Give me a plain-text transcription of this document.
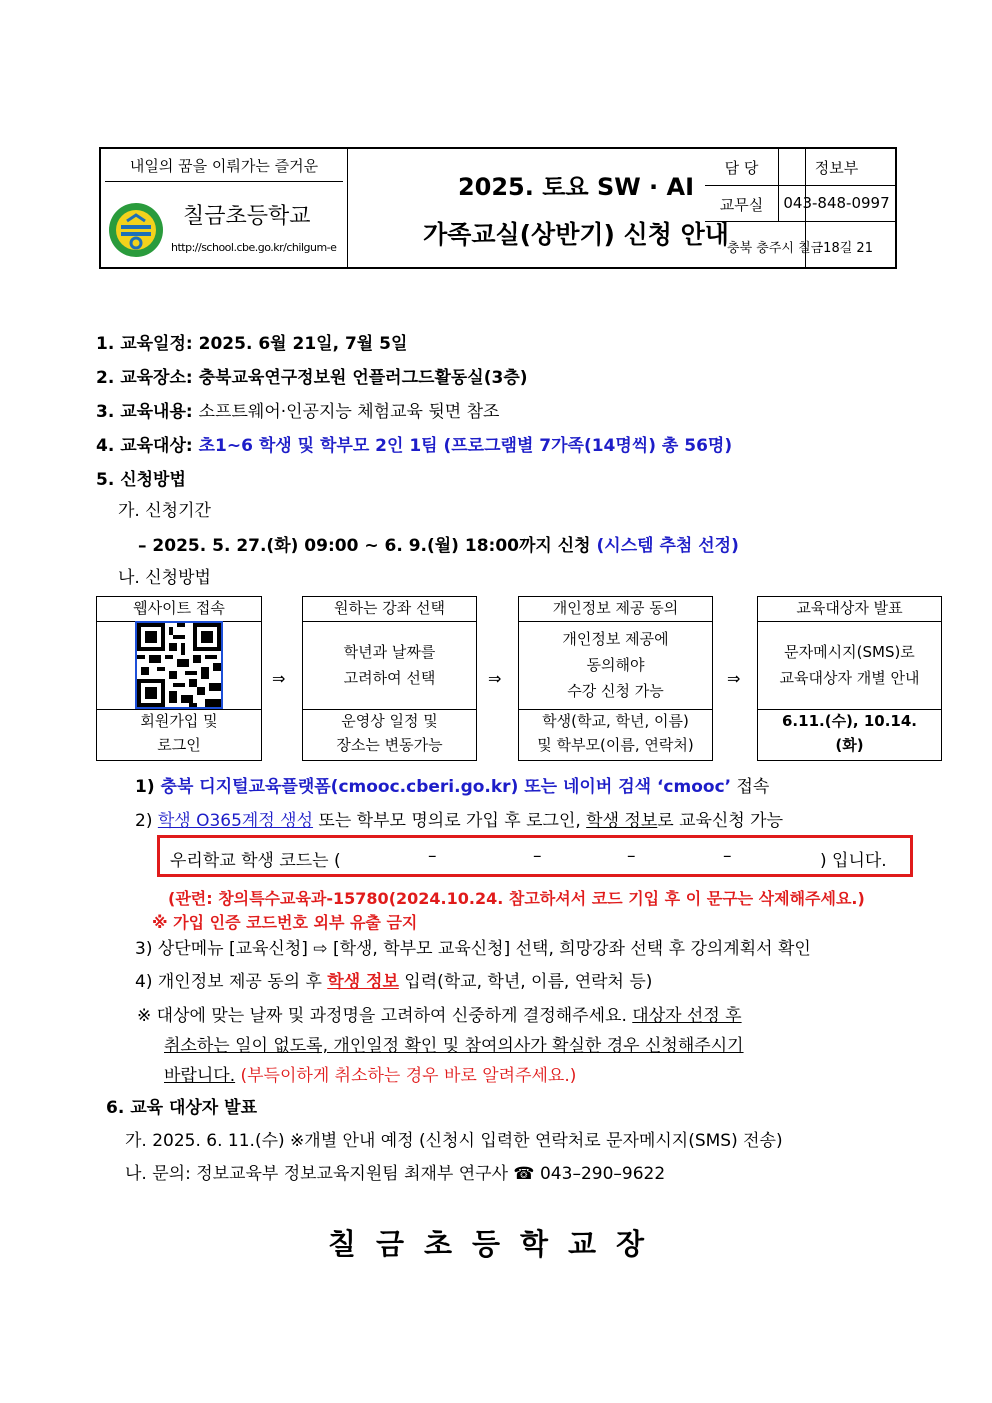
내일의 꿈을 이뤄가는 즐거운
칠금초등학교
http://school.cbe.go.kr/chilgum-e
2025. 토요 SW · AI
가족교실(상반기) 신청 안내
담 당	정보부
교무실	043-848-0997
충북 충주시 칠금18길 21
1. 교육일정: 2025. 6월 21일, 7월 5일
2. 교육장소: 충북교육연구정보원 언플러그드활동실(3층)
3. 교육내용: 소프트웨어·인공지능 체험교육 뒷면 참조
4. 교육대상: 초1~6 학생 및 학부모 2인 1팀 (프로그램별 7가족(14명씩) 총 56명)
5. 신청방법
가. 신청기간
– 2025. 5. 27.(화) 09:00 ~ 6. 9.(월) 18:00까지 신청 (시스템 추첨 선정)
나. 신청방법
웹사이트 접속
회원가입 및
로그인
⇒
원하는 강좌 선택
학년과 날짜를
고려하여 선택
운영상 일정 및
장소는 변동가능
⇒
개인정보 제공 동의
개인정보 제공에
동의해야
수강 신청 가능
학생(학교, 학년, 이름)
및 학부모(이름, 연락처)
⇒
교육대상자 발표
문자메시지(SMS)로
교육대상자 개별 안내
6.11.(수), 10.14.
(화)
1) 충북 디지털교육플랫폼(cmooc.cberi.go.kr) 또는 네이버 검색 ‘cmooc’ 접속
2) 학생 O365계정 생성 또는 학부모 명의로 가입 후 로그인, 학생 정보로 교육신청 가능
우리학교 학생 코드는 (	–	–	–	–	) 입니다.
(관련: 창의특수교육과-15780(2024.10.24. 참고하셔서 코드 기입 후 이 문구는 삭제해주세요.)
※ 가입 인증 코드번호 외부 유출 금지
3) 상단메뉴 [교육신청] ⇨ [학생, 학부모 교육신청] 선택, 희망강좌 선택 후 강의계획서 확인
4) 개인정보 제공 동의 후 학생 정보 입력(학교, 학년, 이름, 연락처 등)
※ 대상에 맞는 날짜 및 과정명을 고려하여 신중하게 결정해주세요. 대상자 선정 후
취소하는 일이 없도록, 개인일정 확인 및 참여의사가 확실한 경우 신청해주시기
바랍니다. (부득이하게 취소하는 경우 바로 알려주세요.)
6. 교육 대상자 발표
가. 2025. 6. 11.(수) ※개별 안내 예정 (신청시 입력한 연락처로 문자메시지(SMS) 전송)
나. 문의: 정보교육부 정보교육지원팀 최재부 연구사 ☎ 043–290–9622
칠금초등학교장
